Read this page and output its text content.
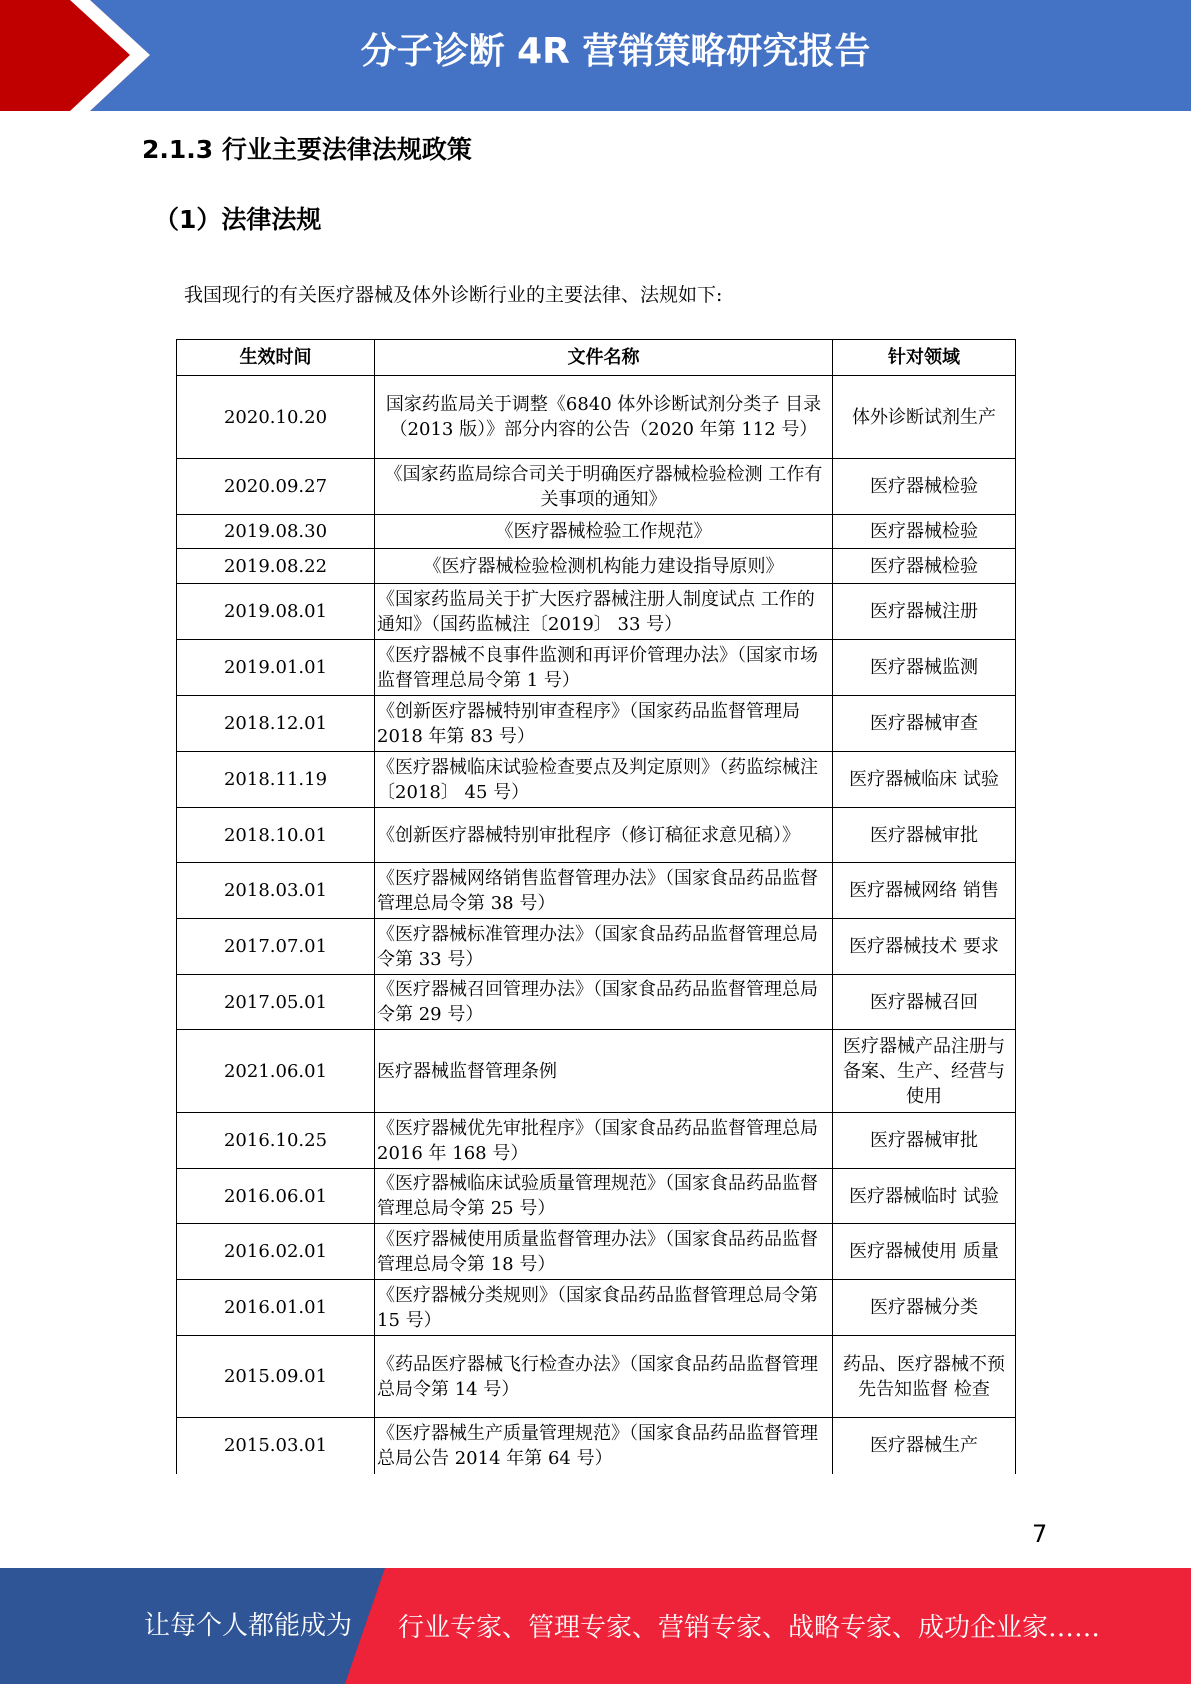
分子诊断 4R 营销策略研究报告
2.1.3 行业主要法律法规政策
（1）法律法规
我国现行的有关医疗器械及体外诊断行业的主要法律、法规如下:
生效时间	文件名称	针对领域
2020.10.20	国家药监局关于调整《6840 体外诊断试剂分类子 目录（2013 版）》部分内容的公告（2020 年第 112 号）	体外诊断试剂生产
2020.09.27	《国家药监局综合司关于明确医疗器械检验检测 工作有关事项的通知》	医疗器械检验
2019.08.30	《医疗器械检验工作规范》	医疗器械检验
2019.08.22	《医疗器械检验检测机构能力建设指导原则》	医疗器械检验
2019.08.01	《国家药监局关于扩大医疗器械注册人制度试点 工作的通知》（国药监械注〔2019〕 33 号）	医疗器械注册
2019.01.01	《医疗器械不良事件监测和再评价管理办法》（国家市场监督管理总局令第 1 号）	医疗器械监测
2018.12.01	《创新医疗器械特别审查程序》（国家药品监督管理局 2018 年第 83 号）	医疗器械审查
2018.11.19	《医疗器械临床试验检查要点及判定原则》（药监综械注〔2018〕 45 号）	医疗器械临床 试验
2018.10.01	《创新医疗器械特别审批程序（修订稿征求意见稿）》	医疗器械审批
2018.03.01	《医疗器械网络销售监督管理办法》（国家食品药品监督管理总局令第 38 号）	医疗器械网络 销售
2017.07.01	《医疗器械标准管理办法》（国家食品药品监督管理总局令第 33 号）	医疗器械技术 要求
2017.05.01	《医疗器械召回管理办法》（国家食品药品监督管理总局令第 29 号）	医疗器械召回
2021.06.01	医疗器械监督管理条例	医疗器械产品注册与备案、生产、经营与使用
2016.10.25	《医疗器械优先审批程序》（国家食品药品监督管理总局 2016 年 168 号）	医疗器械审批
2016.06.01	《医疗器械临床试验质量管理规范》（国家食品药品监督管理总局令第 25 号）	医疗器械临时 试验
2016.02.01	《医疗器械使用质量监督管理办法》（国家食品药品监督管理总局令第 18 号）	医疗器械使用 质量
2016.01.01	《医疗器械分类规则》（国家食品药品监督管理总局令第 15 号）	医疗器械分类
2015.09.01	《药品医疗器械飞行检查办法》（国家食品药品监督管理总局令第 14 号）	药品、医疗器械不预先告知监督 检查
2015.03.01	《医疗器械生产质量管理规范》（国家食品药品监督管理总局公告 2014 年第 64 号）	医疗器械生产
7
让每个人都能成为 行业专家、管理专家、营销专家、战略专家、成功企业家……
